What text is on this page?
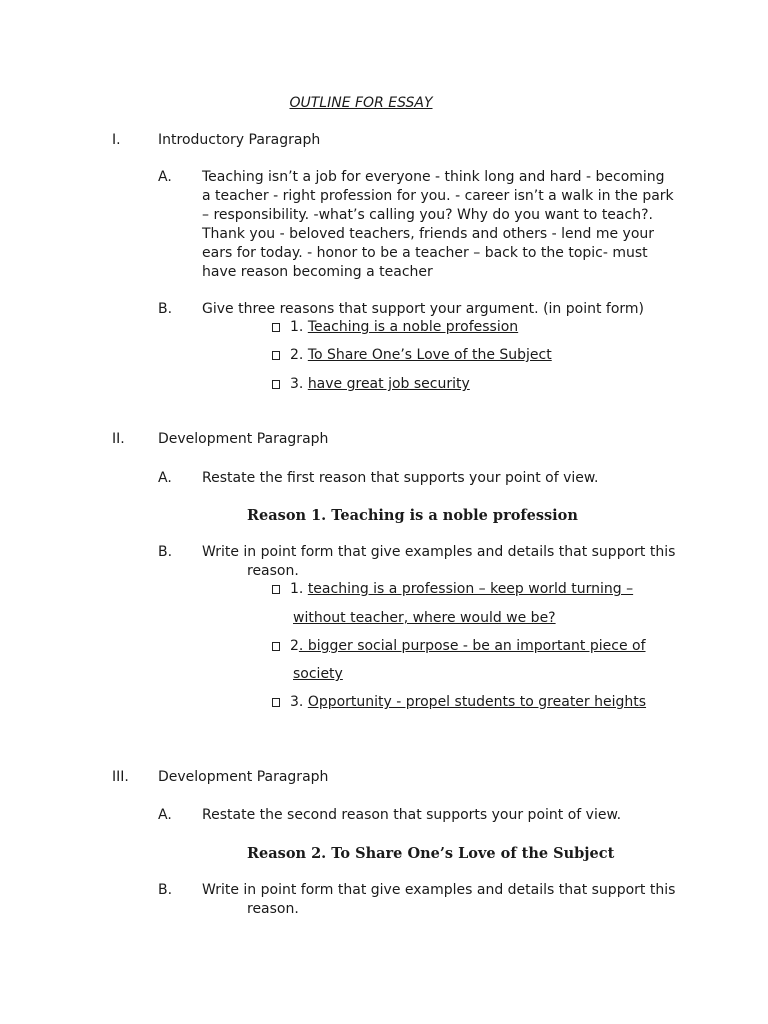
OUTLINE FOR ESSAY
I.	Introductory Paragraph
A. Teaching isn’t a job for everyone - think long and hard - becoming
a teacher - right profession for you. - career isn’t a walk in the park
– responsibility. -what’s calling you? Why do you want to teach?.
Thank you - beloved teachers, friends and others - lend me your
ears for today. - honor to be a teacher – back to the topic- must
have reason becoming a teacher
B. Give three reasons that support your argument. (in point form)
1. Teaching is a noble profession
2. To Share One’s Love of the Subject
3. have great job security
II. Development Paragraph
A. Restate the first reason that supports your point of view.
Reason 1. Teaching is a noble profession
B. Write in point form that give examples and details that support this
reason.
1. teaching is a profession – keep world turning –
without teacher, where would we be?
2. bigger social purpose - be an important piece of
society
3. Opportunity - propel students to greater heights
III. Development Paragraph
A. Restate the second reason that supports your point of view.
Reason 2. To Share One’s Love of the Subject
B. Write in point form that give examples and details that support this
reason.
